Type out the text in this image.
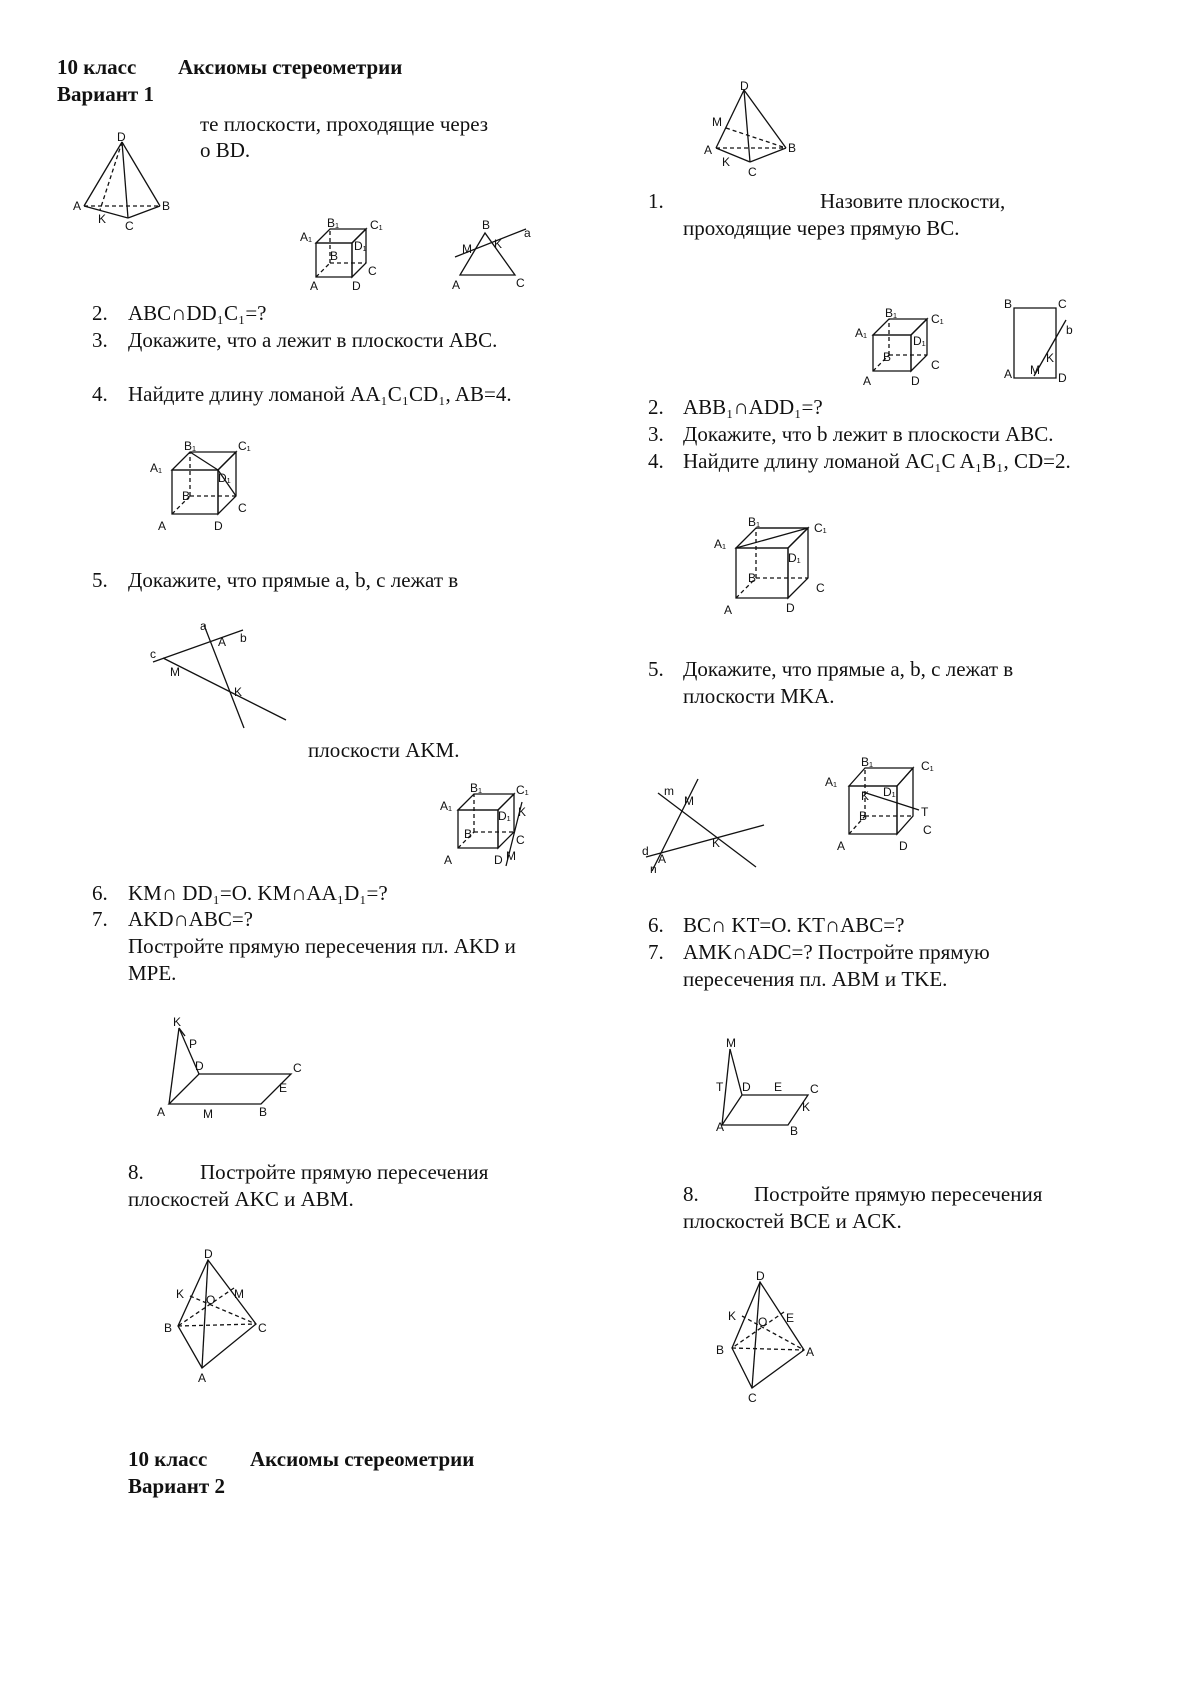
10 класс Аксиомы стереометрии
Вариант 1
те плоскости, проходящие через
о BD.
D
A	B
C
K
A₁
B₁	C₁
D₁
B
C
A	D
B
A	C
M K
a
2. ABC∩DD₁C₁=?
3. Докажите, что a лежит в плоскости ABC.
4. Найдите длину ломаной AA₁C₁CD₁, AB=4.
A₁
B₁	C₁
D₁
B
C
A	D
5. Докажите, что прямые a, b, c лежат в
a
b
c
A
M
K
плоскости AKM.
A₁
B₁	C₁
D₁
B	C
A	D
K
M
6. KM∩ DD₁=O. KM∩AA₁D₁=?
7. AKD∩ABC=?
Постройте прямую пересечения пл. AKD и
MPE.
K
P
D	C
E
A	M	B
8.	Постройте прямую пересечения
плоскостей AKC и ABM.
D
K O M
B	C
A
10 класс Аксиомы стереометрии
Вариант 2
D
M
A	B
K
C
1.	Назовите плоскости,
проходящие через прямую BC.
A₁
B₁	C₁
D₁
B
C
A	D
B	C
A	D
b
K
M
2. ABB₁∩ADD₁=?
3. Докажите, что b лежит в плоскости ABC.
4. Найдите длину ломаной AC₁C A₁B₁, CD=2.
A₁
B₁	C₁
D₁
B
C
A	D
5. Докажите, что прямые a, b, c лежат в
плоскости MKA.
m
M
d
A
n
K
A₁
B₁	C₁
D₁
K
B	T
C
A	D
6. BC∩ KT=O. KT∩ABC=?
7. AMK∩ADC=? Постройте прямую
пересечения пл. ABM и TKE.
M
T D E C
K
A	B
8.	Постройте прямую пересечения
плоскостей BCE и ACK.
D
K O E
B	A
C
